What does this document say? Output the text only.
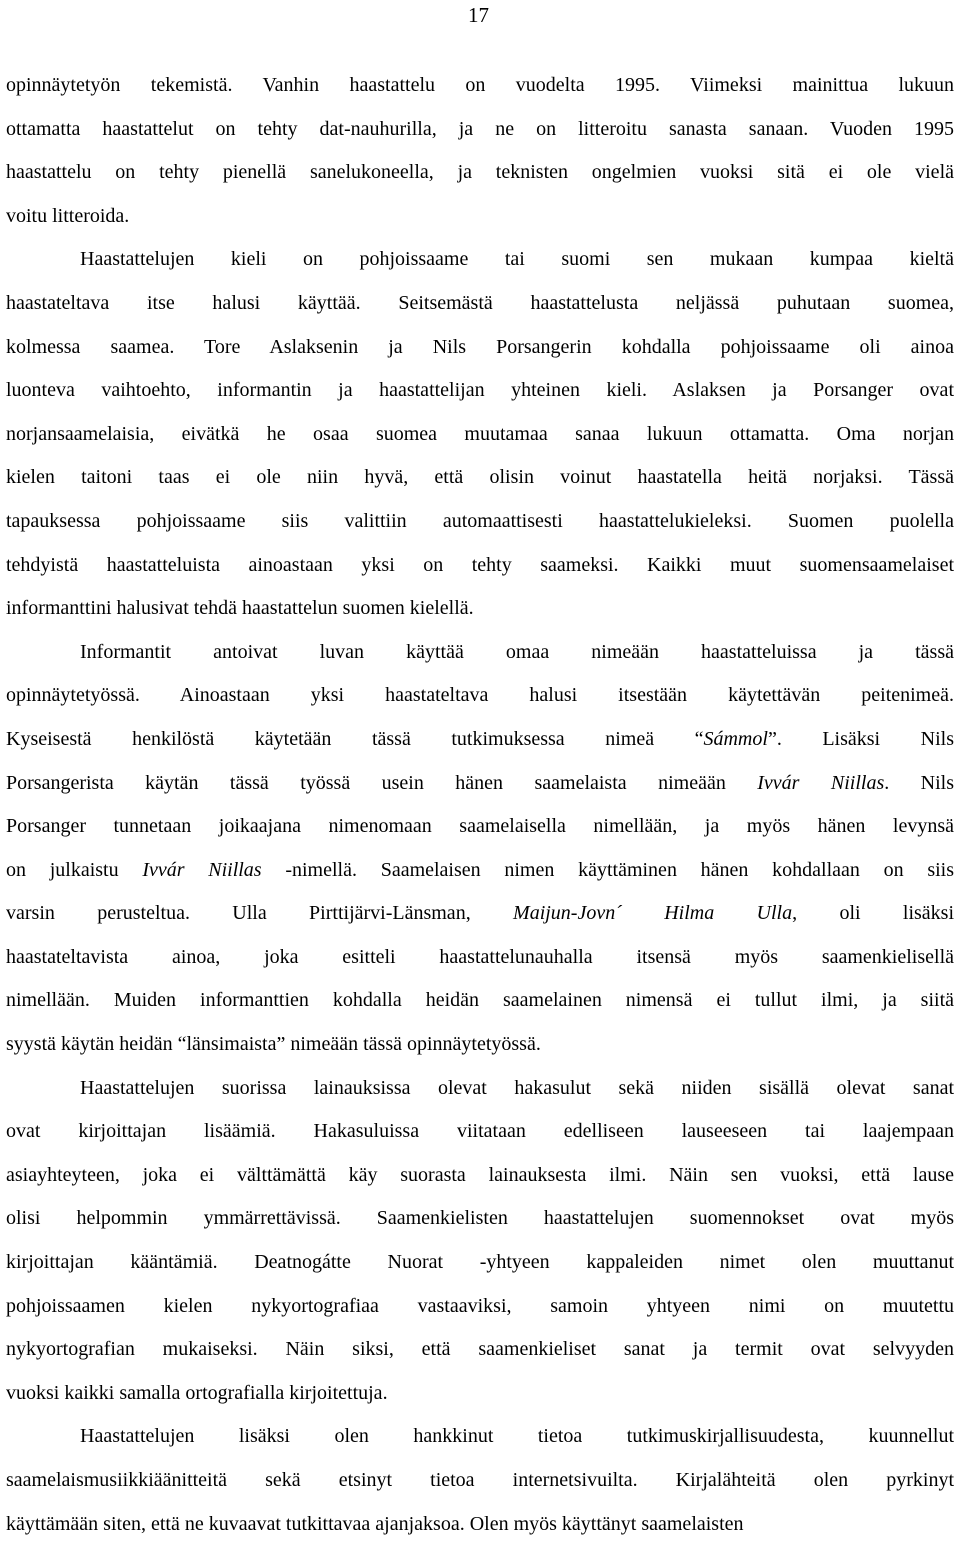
17
opinnäytetyön tekemistä. Vanhin haastattelu on vuodelta 1995. Viimeksi mainittua lukuun
ottamatta haastattelut on tehty dat-nauhurilla, ja ne on litteroitu sanasta sanaan. Vuoden 1995
haastattelu on tehty pienellä sanelukoneella, ja teknisten ongelmien vuoksi sitä ei ole vielä
voitu litteroida.
Haastattelujen kieli on pohjoissaame tai suomi sen mukaan kumpaa kieltä
haastateltava itse halusi käyttää. Seitsemästä haastattelusta neljässä puhutaan suomea,
kolmessa saamea. Tore Aslaksenin ja Nils Porsangerin kohdalla pohjoissaame oli ainoa
luonteva vaihtoehto, informantin ja haastattelijan yhteinen kieli. Aslaksen ja Porsanger ovat
norjansaamelaisia, eivätkä he osaa suomea muutamaa sanaa lukuun ottamatta. Oma norjan
kielen taitoni taas ei ole niin hyvä, että olisin voinut haastatella heitä norjaksi. Tässä
tapauksessa pohjoissaame siis valittiin automaattisesti haastattelukieleksi. Suomen puolella
tehdyistä haastatteluista ainoastaan yksi on tehty saameksi. Kaikki muut suomensaamelaiset
informanttini halusivat tehdä haastattelun suomen kielellä.
Informantit antoivat luvan käyttää omaa nimeään haastatteluissa ja tässä
opinnäytetyössä. Ainoastaan yksi haastateltava halusi itsestään käytettävän peitenimeä.
Kyseisestä henkilöstä käytetään tässä tutkimuksessa nimeä “Sámmol”. Lisäksi Nils
Porsangerista käytän tässä työssä usein hänen saamelaista nimeään Ivvár Niillas. Nils
Porsanger tunnetaan joikaajana nimenomaan saamelaisella nimellään, ja myös hänen levynsä
on julkaistu Ivvár Niillas -nimellä. Saamelaisen nimen käyttäminen hänen kohdallaan on siis
varsin perusteltua. Ulla Pirttijärvi-Länsman, Maijun-Jovn´ Hilma Ulla, oli lisäksi
haastateltavista ainoa, joka esitteli haastattelunauhalla itsensä myös saamenkielisellä
nimellään. Muiden informanttien kohdalla heidän saamelainen nimensä ei tullut ilmi, ja siitä
syystä käytän heidän “länsimaista” nimeään tässä opinnäytetyössä.
Haastattelujen suorissa lainauksissa olevat hakasulut sekä niiden sisällä olevat sanat
ovat kirjoittajan lisäämiä. Hakasuluissa viitataan edelliseen lauseeseen tai laajempaan
asiayhteyteen, joka ei välttämättä käy suorasta lainauksesta ilmi. Näin sen vuoksi, että lause
olisi helpommin ymmärrettävissä. Saamenkielisten haastattelujen suomennokset ovat myös
kirjoittajan kääntämiä. Deatnogátte Nuorat -yhtyeen kappaleiden nimet olen muuttanut
pohjoissaamen kielen nykyortografiaa vastaaviksi, samoin yhtyeen nimi on muutettu
nykyortografian mukaiseksi. Näin siksi, että saamenkieliset sanat ja termit ovat selvyyden
vuoksi kaikki samalla ortografialla kirjoitettuja.
Haastattelujen lisäksi olen hankkinut tietoa tutkimuskirjallisuudesta, kuunnellut
saamelaismusiikkiäänitteitä sekä etsinyt tietoa internetsivuilta. Kirjalähteitä olen pyrkinyt
käyttämään siten, että ne kuvaavat tutkittavaa ajanjaksoa. Olen myös käyttänyt saamelaisten
